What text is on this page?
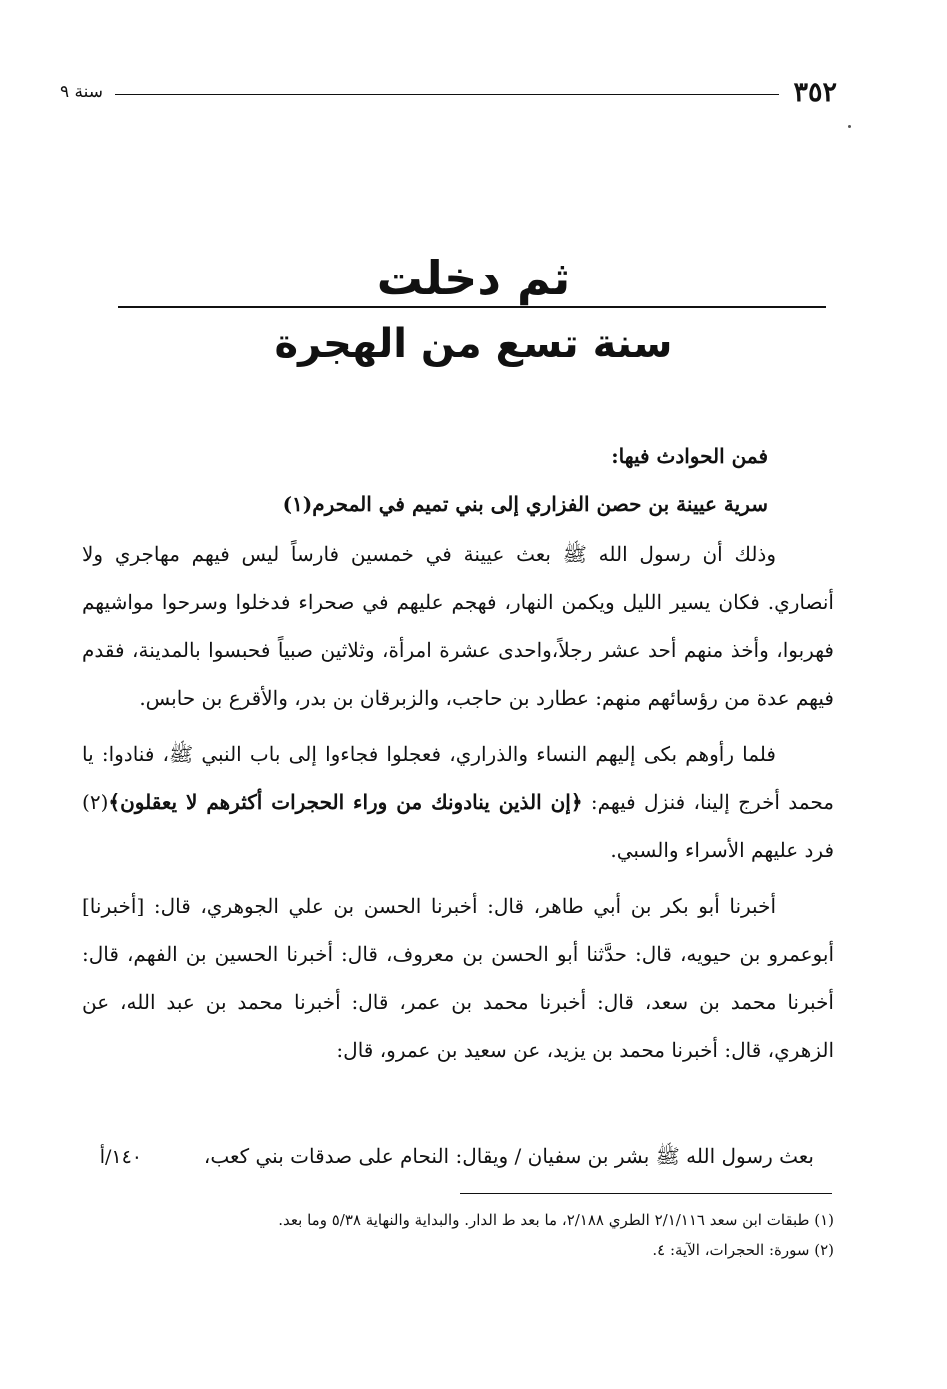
٣٥٢
سنة ٩
ثم دخلت
سنة تسع من الهجرة

فمن الحوادث فيها:

سرية عيينة بن حصن الفزاري إلى بني تميم في المحرم(١)

وذلك أن رسول الله ﷺ بعث عيينة في خمسين فارساً ليس فيهم مهاجري ولا أنصاري. فكان يسير الليل ويكمن النهار، فهجم عليهم في صحراء فدخلوا وسرحوا مواشيهم فهربوا، وأخذ منهم أحد عشر رجلاً،واحدى عشرة امرأة، وثلاثين صبياً فحبسوا بالمدينة، فقدم فيهم عدة من رؤسائهم منهم: عطارد بن حاجب، والزبرقان بن بدر، والأقرع بن حابس.

فلما رأوهم بكى إليهم النساء والذراري، فعجلوا فجاءوا إلى باب النبي ﷺ، فنادوا: يا محمد أخرج إلينا، فنزل فيهم: ﴿إن الذين ينادونك من وراء الحجرات أكثرهم لا يعقلون﴾(٢) فرد عليهم الأسراء والسبي.

أخبرنا أبو بكر بن أبي طاهر، قال: أخبرنا الحسن بن علي الجوهري، قال: [أخبرنا] أبوعمرو بن حيويه، قال: حدَّثنا أبو الحسن بن معروف، قال: أخبرنا الحسين بن الفهم، قال: أخبرنا محمد بن سعد، قال: أخبرنا محمد بن عمر، قال: أخبرنا محمد بن عبد الله، عن الزهري، قال: أخبرنا محمد بن يزيد، عن سعيد بن عمرو، قال:

بعث رسول الله ﷺ بشر بن سفيان / ويقال: النحام على صدقات بني كعب،
١٤٠/أ

(١) طبقات ابن سعد ٢/١/١١٦ الطري ٢/١٨٨، ما بعد ط الدار. والبداية والنهاية ٥/٣٨ وما بعد.

(٢) سورة: الحجرات، الآية: ٤.
